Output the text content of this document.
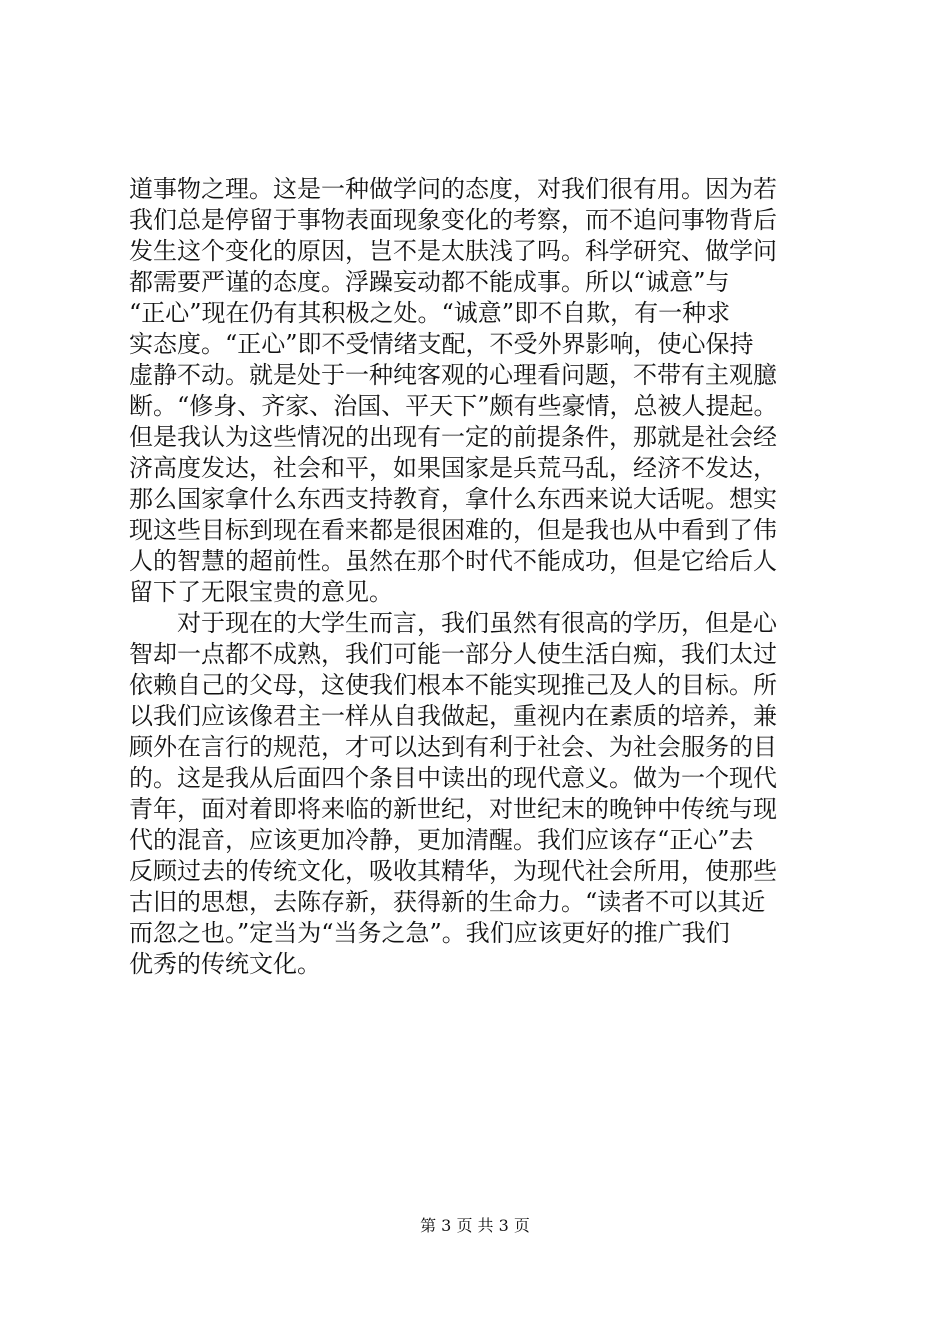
道事物之理。这是一种做学问的态度，对我们很有用。因为若
我们总是停留于事物表面现象变化的考察，而不追问事物背后
发生这个变化的原因，岂不是太肤浅了吗。科学研究、做学问
都需要严谨的态度。浮躁妄动都不能成事。所以“诚意”与
“正心”现在仍有其积极之处。“诚意”即不自欺，有一种求
实态度。“正心”即不受情绪支配，不受外界影响，使心保持
虚静不动。就是处于一种纯客观的心理看问题，不带有主观臆
断。“修身、齐家、治国、平天下”颇有些豪情，总被人提起。
但是我认为这些情况的出现有一定的前提条件，那就是社会经
济高度发达，社会和平，如果国家是兵荒马乱，经济不发达，
那么国家拿什么东西支持教育，拿什么东西来说大话呢。想实
现这些目标到现在看来都是很困难的，但是我也从中看到了伟
人的智慧的超前性。虽然在那个时代不能成功，但是它给后人
留下了无限宝贵的意见。
　　对于现在的大学生而言，我们虽然有很高的学历，但是心
智却一点都不成熟，我们可能一部分人使生活白痴，我们太过
依赖自己的父母，这使我们根本不能实现推己及人的目标。所
以我们应该像君主一样从自我做起，重视内在素质的培养，兼
顾外在言行的规范，才可以达到有利于社会、为社会服务的目
的。这是我从后面四个条目中读出的现代意义。做为一个现代
青年，面对着即将来临的新世纪，对世纪末的晚钟中传统与现
代的混音，应该更加冷静，更加清醒。我们应该存“正心”去
反顾过去的传统文化，吸收其精华，为现代社会所用，使那些
古旧的思想，去陈存新，获得新的生命力。“读者不可以其近
而忽之也。”定当为“当务之急”。我们应该更好的推广我们
优秀的传统文化。
第 3 页 共 3 页
